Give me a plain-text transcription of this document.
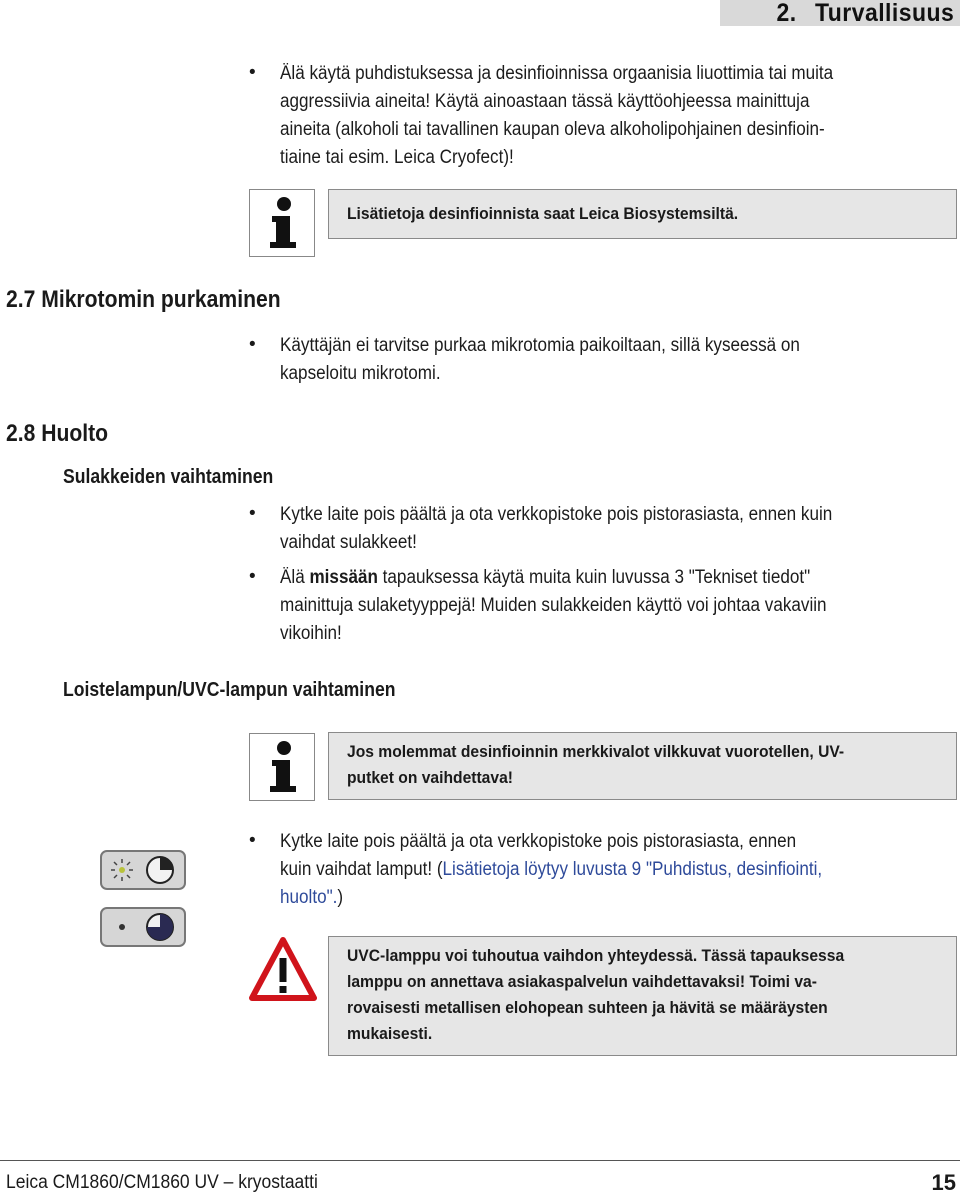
2. Turvallisuus
• Älä käytä puhdistuksessa ja desinfioinnissa orgaanisia liuottimia tai muita
aggressiivia aineita! Käytä ainoastaan tässä käyttöohjeessa mainittuja
aineita (alkoholi tai tavallinen kaupan oleva alkoholipohjainen desinfioin-
tiaine tai esim. Leica Cryofect)!
Lisätietoja desinfioinnista saat Leica Biosystemsiltä.
2.7 Mikrotomin purkaminen
• Käyttäjän ei tarvitse purkaa mikrotomia paikoiltaan, sillä kyseessä on
kapseloitu mikrotomi.
2.8 Huolto
Sulakkeiden vaihtaminen
• Kytke laite pois päältä ja ota verkkopistoke pois pistorasiasta, ennen kuin
vaihdat sulakkeet!
• Älä missään tapauksessa käytä muita kuin luvussa 3 "Tekniset tiedot"
mainittuja sulaketyyppejä! Muiden sulakkeiden käyttö voi johtaa vakaviin
vikoihin!
Loistelampun/UVC-lampun vaihtaminen
Jos molemmat desinfioinnin merkkivalot vilkkuvat vuorotellen, UV-
putket on vaihdettava!
• Kytke laite pois päältä ja ota verkkopistoke pois pistorasiasta, ennen
kuin vaihdat lamput! (Lisätietoja löytyy luvusta 9 "Puhdistus, desinfiointi,
huolto".)
UVC-lamppu voi tuhoutua vaihdon yhteydessä. Tässä tapauksessa
lamppu on annettava asiakaspalvelun vaihdettavaksi! Toimi va-
rovaisesti metallisen elohopean suhteen ja hävitä se määräysten
mukaisesti.
Leica CM1860/CM1860 UV – kryostaatti	15
